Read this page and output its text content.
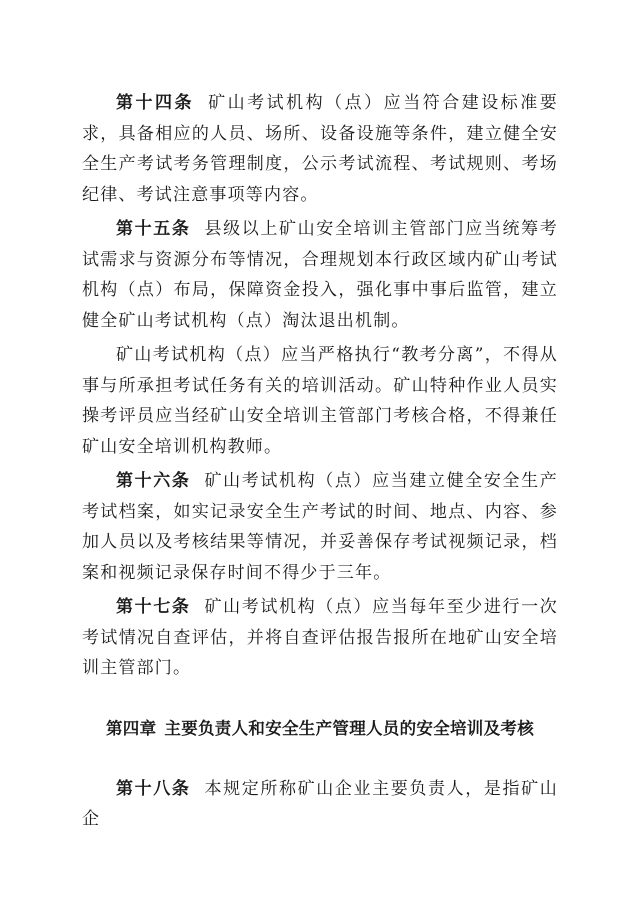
第十四条 矿山考试机构（点）应当符合建设标准要求，具备相应的人员、场所、设备设施等条件，建立健全安全生产考试考务管理制度，公示考试流程、考试规则、考场纪律、考试注意事项等内容。

第十五条 县级以上矿山安全培训主管部门应当统筹考试需求与资源分布等情况，合理规划本行政区域内矿山考试机构（点）布局，保障资金投入，强化事中事后监管，建立健全矿山考试机构（点）淘汰退出机制。

矿山考试机构（点）应当严格执行“教考分离”，不得从事与所承担考试任务有关的培训活动。矿山特种作业人员实操考评员应当经矿山安全培训主管部门考核合格，不得兼任矿山安全培训机构教师。

第十六条 矿山考试机构（点）应当建立健全安全生产考试档案，如实记录安全生产考试的时间、地点、内容、参加人员以及考核结果等情况，并妥善保存考试视频记录，档案和视频记录保存时间不得少于三年。

第十七条 矿山考试机构（点）应当每年至少进行一次考试情况自查评估，并将自查评估报告报所在地矿山安全培训主管部门。

第四章 主要负责人和安全生产管理人员的安全培训及考核

第十八条 本规定所称矿山企业主要负责人，是指矿山企
